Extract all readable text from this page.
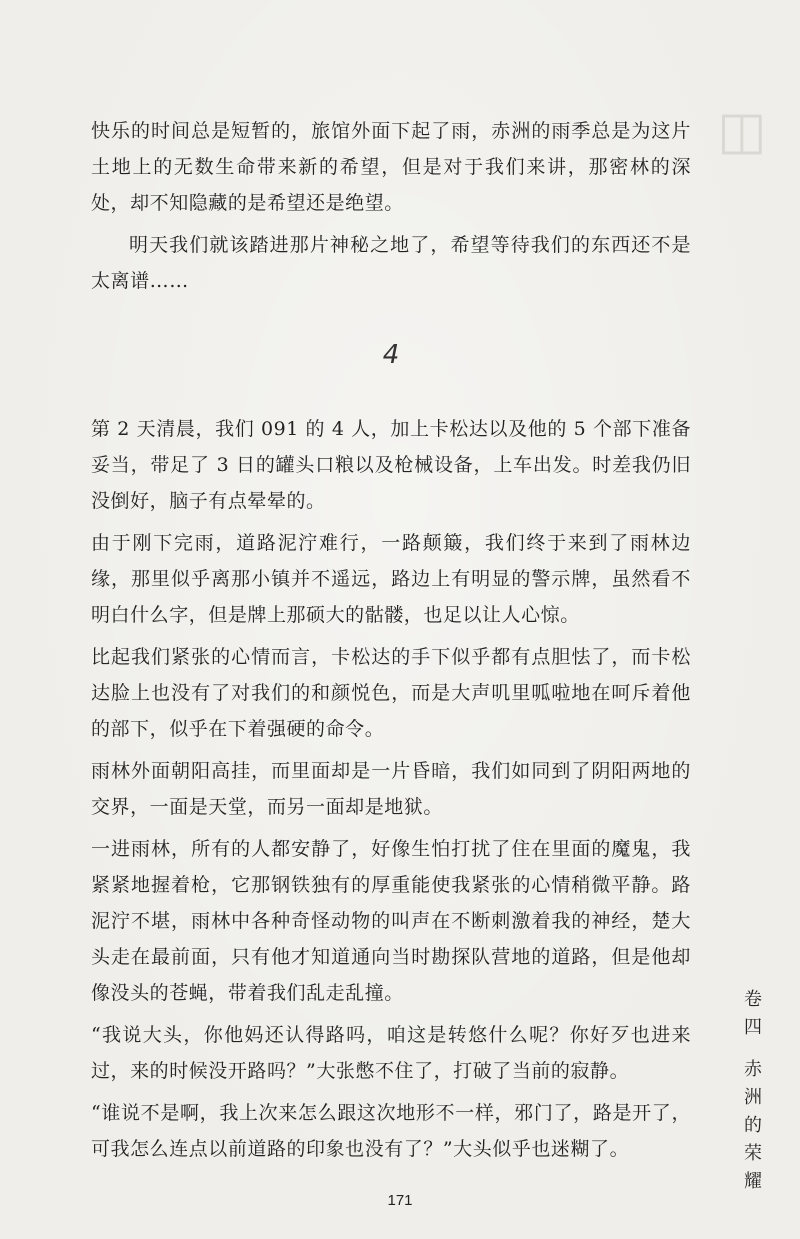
◫

快乐的时间总是短暂的，旅馆外面下起了雨，赤洲的雨季总是为这片土地上的无数生命带来新的希望，但是对于我们来讲，那密林的深处，却不知隐藏的是希望还是绝望。

明天我们就该踏进那片神秘之地了，希望等待我们的东西还不是太离谱……

4

第 2 天清晨，我们 091 的 4 人，加上卡松达以及他的 5 个部下准备妥当，带足了 3 日的罐头口粮以及枪械设备，上车出发。时差我仍旧没倒好，脑子有点晕晕的。

由于刚下完雨，道路泥泞难行，一路颠簸，我们终于来到了雨林边缘，那里似乎离那小镇并不遥远，路边上有明显的警示牌，虽然看不明白什么字，但是牌上那硕大的骷髅，也足以让人心惊。

比起我们紧张的心情而言，卡松达的手下似乎都有点胆怯了，而卡松达脸上也没有了对我们的和颜悦色，而是大声叽里呱啦地在呵斥着他的部下，似乎在下着强硬的命令。

雨林外面朝阳高挂，而里面却是一片昏暗，我们如同到了阴阳两地的交界，一面是天堂，而另一面却是地狱。

一进雨林，所有的人都安静了，好像生怕打扰了住在里面的魔鬼，我紧紧地握着枪，它那钢铁独有的厚重能使我紧张的心情稍微平静。路泥泞不堪，雨林中各种奇怪动物的叫声在不断刺激着我的神经，楚大头走在最前面，只有他才知道通向当时勘探队营地的道路，但是他却像没头的苍蝇，带着我们乱走乱撞。

“我说大头，你他妈还认得路吗，咱这是转悠什么呢？你好歹也进来过，来的时候没开路吗？”大张憋不住了，打破了当前的寂静。

“谁说不是啊，我上次来怎么跟这次地形不一样，邪门了，路是开了，可我怎么连点以前道路的印象也没有了？”大头似乎也迷糊了。

卷
四
赤
洲
的
荣
耀
171
